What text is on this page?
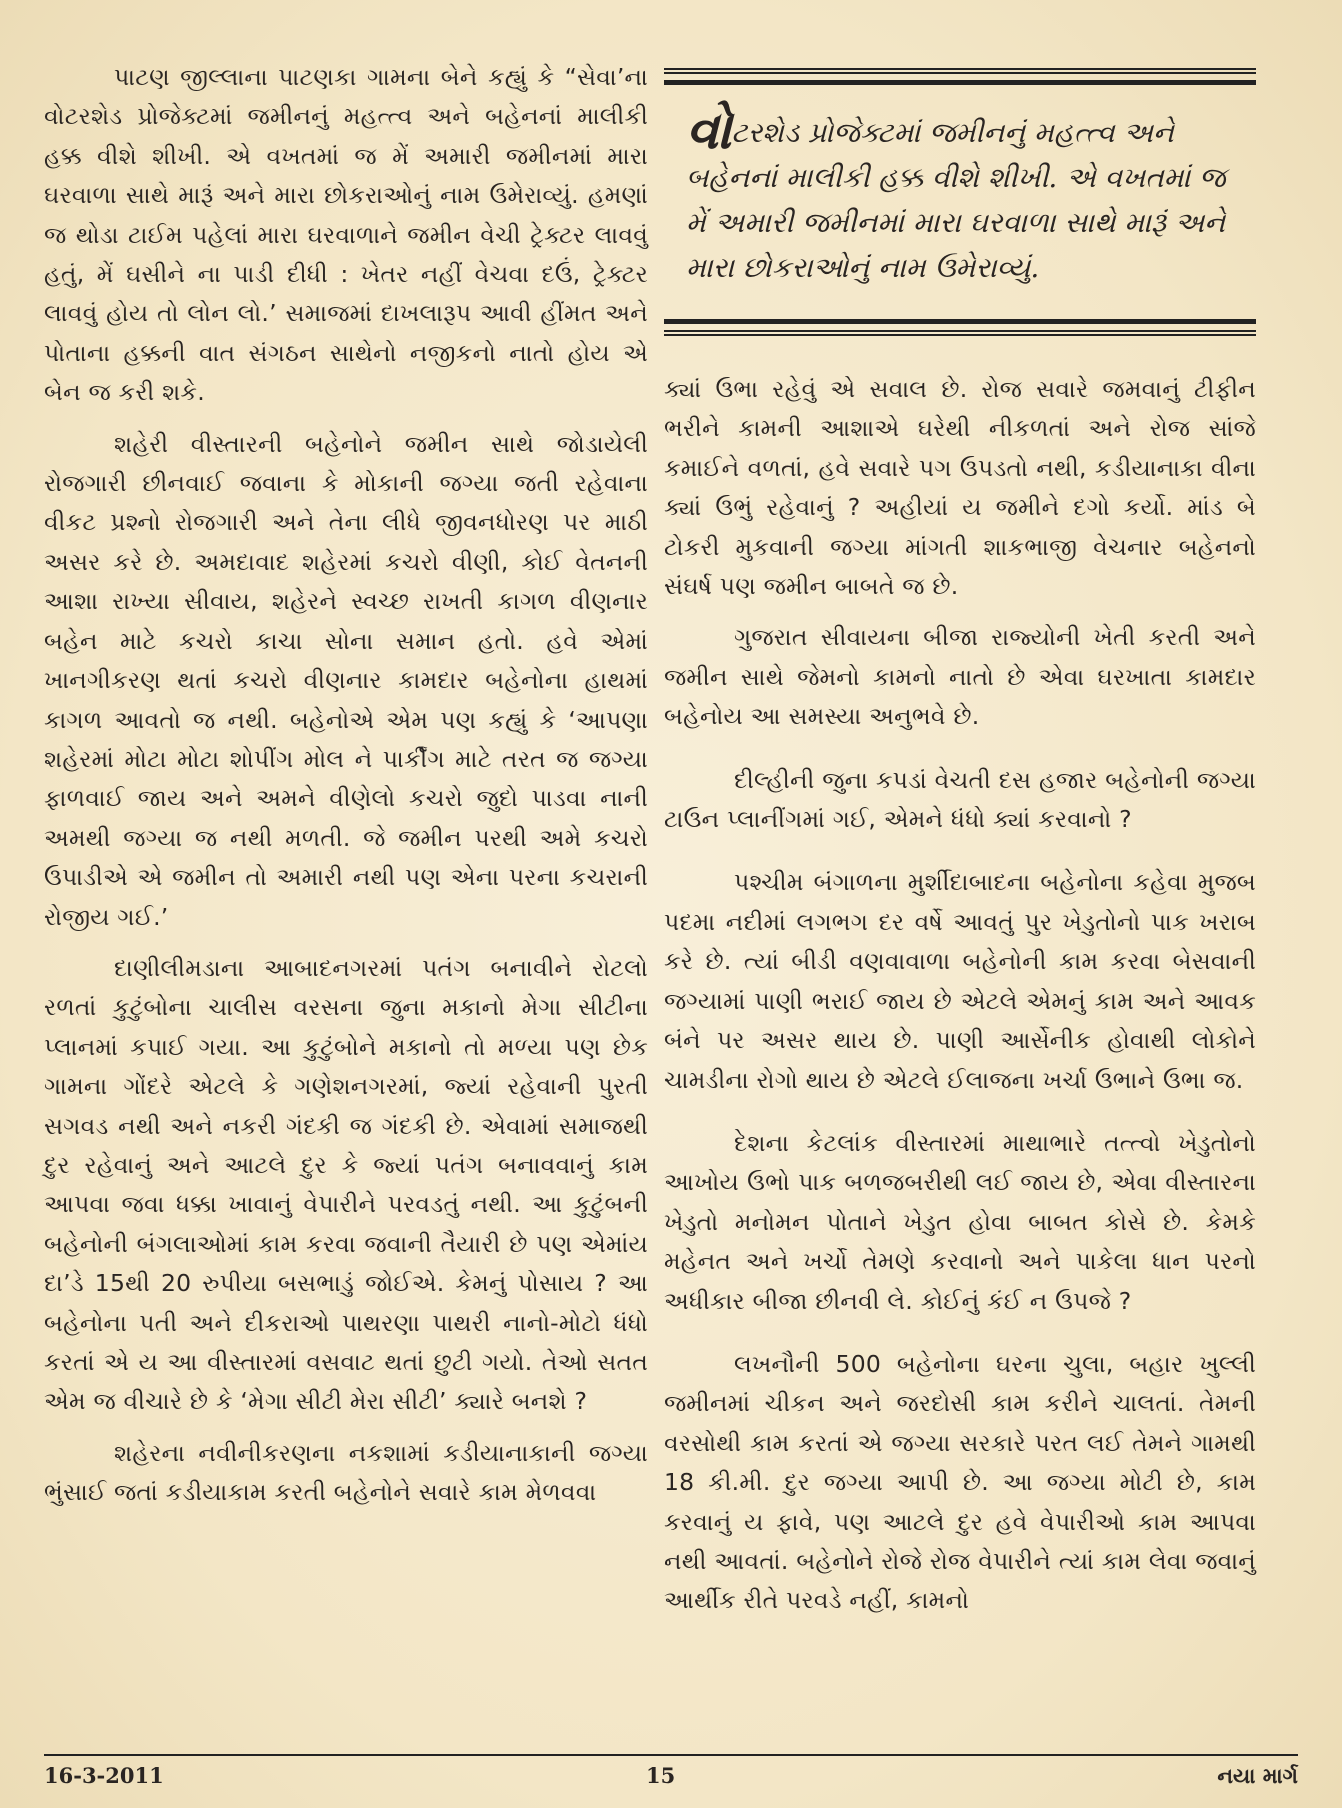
પાટણ જીલ્લાના પાટણકા ગામના બેને કહ્યું કે “સેવા’ના વોટરશેડ પ્રોજેક્ટમાં જમીનનું મહત્ત્વ અને બહેનનાં માલીકી હક્ક વીશે શીખી. એ વખતમાં જ મેં અમારી જમીનમાં મારા ઘરવાળા સાથે મારૂં અને મારા છોકરાઓનું નામ ઉમેરાવ્યું. હમણાં જ થોડા ટાઈમ પહેલાં મારા ઘરવાળાને જમીન વેચી ટ્રેક્ટર લાવવું હતું, મેં ઘસીને ના પાડી દીધી : ખેતર નહીં વેચવા દઉં, ટ્રેક્ટર લાવવું હોય તો લોન લો.’ સમાજમાં દાખલારૂપ આવી હીંમત અને પોતાના હક્કની વાત સંગઠન સાથેનો નજીકનો નાતો હોય એ બેન જ કરી શકે.

શહેરી વીસ્તારની બહેનોને જમીન સાથે જોડાયેલી રોજગારી છીનવાઈ જવાના કે મોકાની જગ્યા જતી રહેવાના વીકટ પ્રશ્નો રોજગારી અને તેના લીધે જીવનધોરણ પર માઠી અસર કરે છે. અમદાવાદ શહેરમાં કચરો વીણી, કોઈ વેતનની આશા રાખ્યા સીવાય, શહેરને સ્વચ્છ રાખતી કાગળ વીણનાર બહેન માટે કચરો કાચા સોના સમાન હતો. હવે એમાં ખાનગીકરણ થતાં કચરો વીણનાર કામદાર બહેનોના હાથમાં કાગળ આવતો જ નથી. બહેનોએ એમ પણ કહ્યું કે ‘આપણા શહેરમાં મોટા મોટા શોપીંગ મોલ ને પાર્કીંગ માટે તરત જ જગ્યા ફાળવાઈ જાય અને અમને વીણેલો કચરો જુદો પાડવા નાની અમથી જગ્યા જ નથી મળતી. જે જમીન પરથી અમે કચરો ઉપાડીએ એ જમીન તો અમારી નથી પણ એના પરના કચરાની રોજીય ગઈ.’

દાણીલીમડાના આબાદનગરમાં પતંગ બનાવીને રોટલો રળતાં કુટુંબોના ચાલીસ વરસના જુના મકાનો મેગા સીટીના પ્લાનમાં કપાઈ ગયા. આ કુટુંબોને મકાનો તો મળ્યા પણ છેક ગામના ગોંદરે એટલે કે ગણેશનગરમાં, જ્યાં રહેવાની પુરતી સગવડ નથી અને નકરી ગંદકી જ ગંદકી છે. એવામાં સમાજથી દુર રહેવાનું અને આટલે દુર કે જ્યાં પતંગ બનાવવાનું કામ આપવા જવા ધક્કા ખાવાનું વેપારીને પરવડતું નથી. આ કુટુંબની બહેનોની બંગલાઓમાં કામ કરવા જવાની તૈયારી છે પણ એમાંય દા’ડે 15થી 20 રુપીયા બસભાડું જોઈએ. કેમનું પોસાય ? આ બહેનોના પતી અને દીકરાઓ પાથરણા પાથરી નાનો-મોટો ધંધો કરતાં એ ય આ વીસ્તારમાં વસવાટ થતાં છુટી ગયો. તેઓ સતત એમ જ વીચારે છે કે ‘મેગા સીટી મેરા સીટી’ ક્યારે બનશે ?

શહેરના નવીનીકરણના નકશામાં કડીયાનાકાની જગ્યા ભુંસાઈ જતાં કડીયાકામ કરતી બહેનોને સવારે કામ મેળવવા

વોટરશેડ પ્રોજેક્ટમાં જમીનનું મહત્ત્વ અને બહેનનાં માલીકી હક્ક વીશે શીખી. એ વખતમાં જ મેં અમારી જમીનમાં મારા ઘરવાળા સાથે મારૂં અને મારા છોકરાઓનું નામ ઉમેરાવ્યું.

ક્યાં ઉભા રહેવું એ સવાલ છે. રોજ સવારે જમવાનું ટીફીન ભરીને કામની આશાએ ઘરેથી નીકળતાં અને રોજ સાંજે કમાઈને વળતાં, હવે સવારે પગ ઉપડતો નથી, કડીયાનાકા વીના ક્યાં ઉભું રહેવાનું ? અહીયાં ય જમીને દગો કર્યો. માંડ બે ટોકરી મુકવાની જગ્યા માંગતી શાકભાજી વેચનાર બહેનનો સંઘર્ષ પણ જમીન બાબતે જ છે.

ગુજરાત સીવાયના બીજા રાજ્યોની ખેતી કરતી અને જમીન સાથે જેમનો કામનો નાતો છે એવા ઘરખાતા કામદાર બહેનોય આ સમસ્યા અનુભવે છે.

દીલ્હીની જુના કપડાં વેચતી દસ હજાર બહેનોની જગ્યા ટાઉન પ્લાનીંગમાં ગઈ, એમને ધંધો ક્યાં કરવાનો ?

પશ્ચીમ બંગાળના મુર્શીદાબાદના બહેનોના કહેવા મુજબ પદમા નદીમાં લગભગ દર વર્ષે આવતું પુર ખેડુતોનો પાક ખરાબ કરે છે. ત્યાં બીડી વણવાવાળા બહેનોની કામ કરવા બેસવાની જગ્યામાં પાણી ભરાઈ જાય છે એટલે એમનું કામ અને આવક બંને પર અસર થાય છે. પાણી આર્સેનીક હોવાથી લોકોને ચામડીના રોગો થાય છે એટલે ઈલાજના ખર્ચા ઉભાને ઉભા જ.

દેશના કેટલાંક વીસ્તારમાં માથાભારે તત્ત્વો ખેડુતોનો આખોય ઉભો પાક બળજબરીથી લઈ જાય છે, એવા વીસ્તારના ખેડુતો મનોમન પોતાને ખેડુત હોવા બાબત કોસે છે. કેમકે મહેનત અને ખર્ચો તેમણે કરવાનો અને પાકેલા ધાન પરનો અધીકાર બીજા છીનવી લે. કોઈનું કંઈ ન ઉપજે ?

લખનૌની 500 બહેનોના ઘરના ચુલા, બહાર ખુલ્લી જમીનમાં ચીકન અને જરદોસી કામ કરીને ચાલતાં. તેમની વરસોથી કામ કરતાં એ જગ્યા સરકારે પરત લઈ તેમને ગામથી 18 કી.મી. દુર જગ્યા આપી છે. આ જગ્યા મોટી છે, કામ કરવાનું ય ફાવે, પણ આટલે દુર હવે વેપારીઓ કામ આપવા નથી આવતાં. બહેનોને રોજે રોજ વેપારીને ત્યાં કામ લેવા જવાનું આર્થીક રીતે પરવડે નહીં, કામનો

16-3-2011	15	નયા માર્ગ
